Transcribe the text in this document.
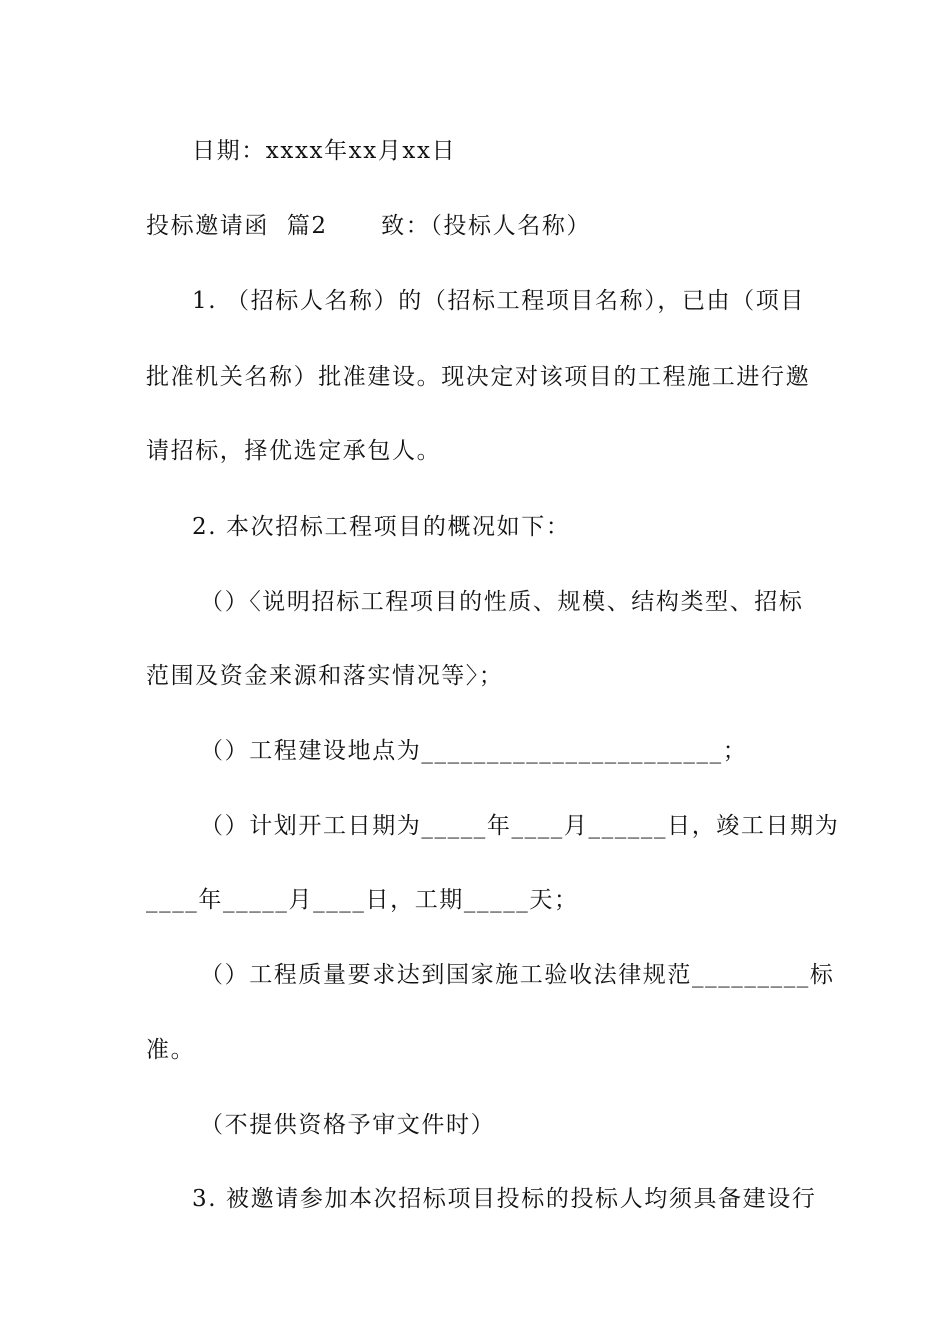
日期：xxxx年xx月xx日
投标邀请函  篇2      致：（投标人名称）
1. （招标人名称）的（招标工程项目名称），已由（项目
批准机关名称）批准建设。现决定对该项目的工程施工进行邀
请招标，择优选定承包人。
2. 本次招标工程项目的概况如下：
（）〈说明招标工程项目的性质、规模、结构类型、招标
范围及资金来源和落实情况等〉；
（）工程建设地点为_______________________；
（）计划开工日期为_____年____月______日，竣工日期为
____年_____月____日，工期_____天；
（）工程质量要求达到国家施工验收法律规范_________标
准。
（不提供资格予审文件时）
3. 被邀请参加本次招标项目投标的投标人均须具备建设行
